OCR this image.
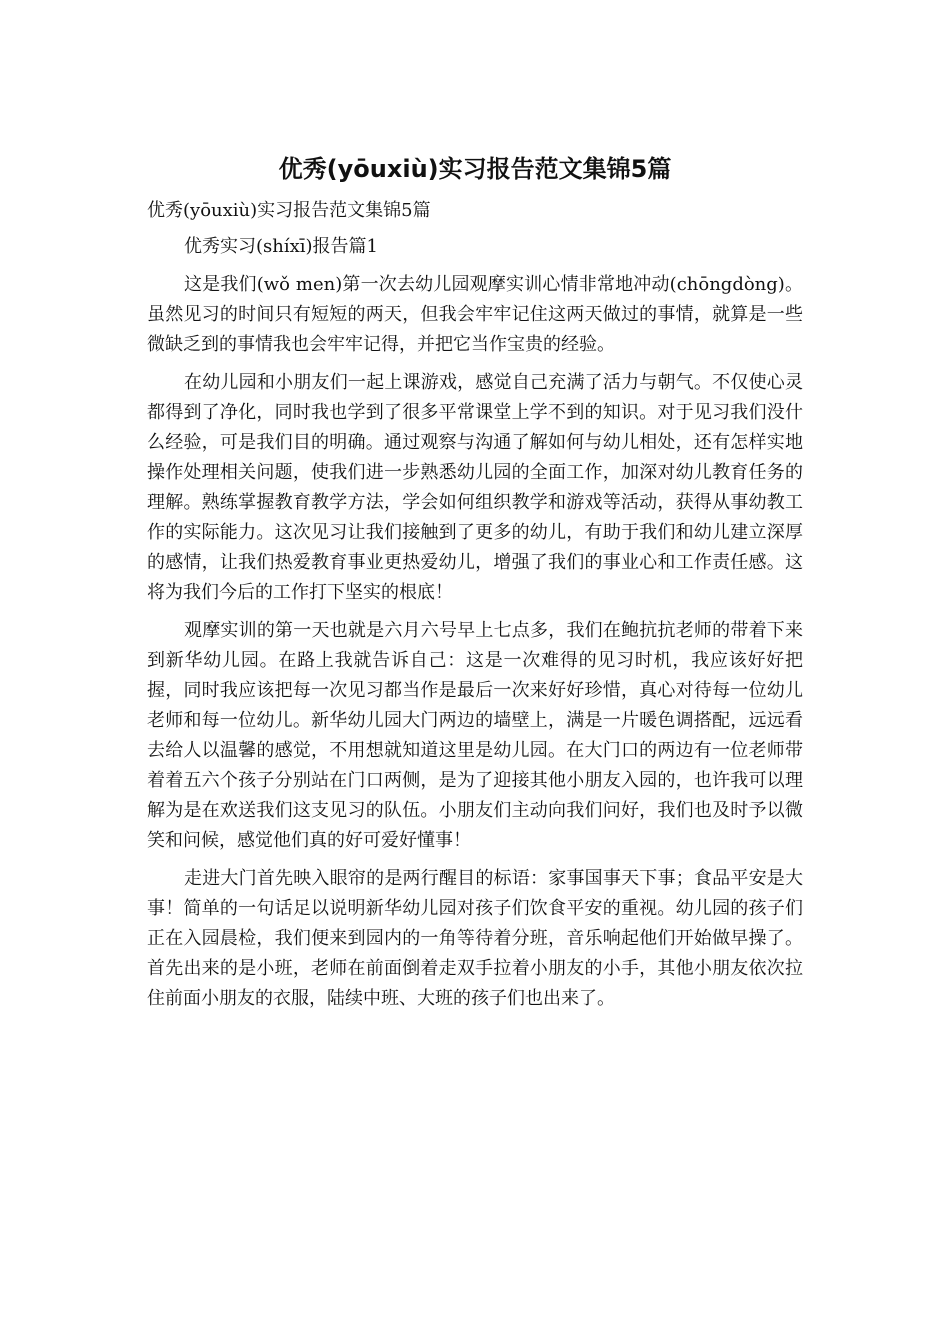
优秀(yōuxiù)实习报告范文集锦5篇

优秀(yōuxiù)实习报告范文集锦5篇

优秀实习(shíxī)报告篇1

这是我们(wǒ men)第一次去幼儿园观摩实训心情非常地冲动(chōngdòng)。虽然见习的时间只有短短的两天，但我会牢牢记住这两天做过的事情，就算是一些微缺乏到的事情我也会牢牢记得，并把它当作宝贵的经验。

在幼儿园和小朋友们一起上课游戏，感觉自己充满了活力与朝气。不仅使心灵都得到了净化，同时我也学到了很多平常课堂上学不到的知识。对于见习我们没什么经验，可是我们目的明确。通过观察与沟通了解如何与幼儿相处，还有怎样实地操作处理相关问题，使我们进一步熟悉幼儿园的全面工作，加深对幼儿教育任务的理解。熟练掌握教育教学方法，学会如何组织教学和游戏等活动，获得从事幼教工作的实际能力。这次见习让我们接触到了更多的幼儿，有助于我们和幼儿建立深厚的感情，让我们热爱教育事业更热爱幼儿，增强了我们的事业心和工作责任感。这将为我们今后的工作打下坚实的根底！

观摩实训的第一天也就是六月六号早上七点多，我们在鲍抗抗老师的带着下来到新华幼儿园。在路上我就告诉自己：这是一次难得的见习时机，我应该好好把握，同时我应该把每一次见习都当作是最后一次来好好珍惜，真心对待每一位幼儿老师和每一位幼儿。新华幼儿园大门两边的墙壁上，满是一片暖色调搭配，远远看去给人以温馨的感觉，不用想就知道这里是幼儿园。在大门口的两边有一位老师带着着五六个孩子分别站在门口两侧，是为了迎接其他小朋友入园的，也许我可以理解为是在欢送我们这支见习的队伍。小朋友们主动向我们问好，我们也及时予以微笑和问候，感觉他们真的好可爱好懂事！

走进大门首先映入眼帘的是两行醒目的标语：家事国事天下事；食品平安是大事！简单的一句话足以说明新华幼儿园对孩子们饮食平安的重视。幼儿园的孩子们正在入园晨检，我们便来到园内的一角等待着分班，音乐响起他们开始做早操了。首先出来的是小班，老师在前面倒着走双手拉着小朋友的小手，其他小朋友依次拉住前面小朋友的衣服，陆续中班、大班的孩子们也出来了。
